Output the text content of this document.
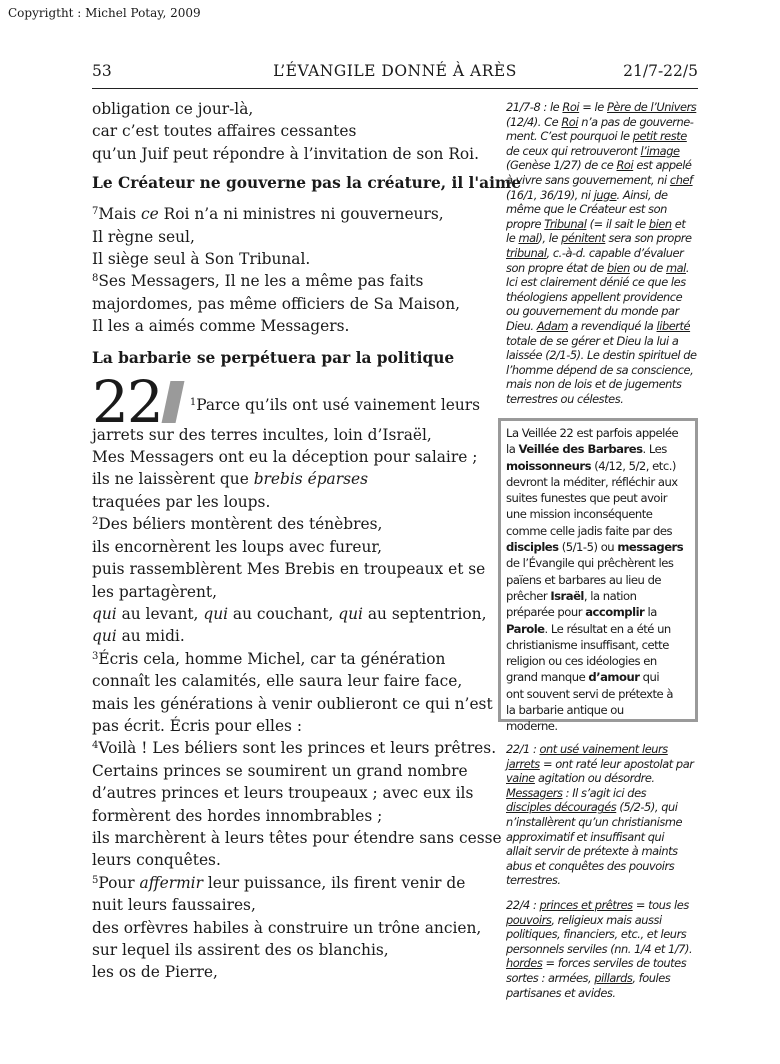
Copyrigtht : Michel Potay, 2009
53	L’ÉVANGILE DONNÉ À ARÈS	21/7-22/5
obligation ce jour-là,
car c’est toutes affaires cessantes
qu’un Juif peut répondre à l’invitation de son Roi.
Le Créateur ne gouverne pas la créature, il l'aime
$^7$Mais ce Roi n’a ni ministres ni gouverneurs,
Il règne seul,
Il siège seul à Son Tribunal.
$^8$Ses Messagers, Il ne les a même pas faits
majordomes, pas même officiers de Sa Maison,
Il les a aimés comme Messagers.
La barbarie se perpétuera par la politique
22	$^1$Parce qu’ils ont usé vainement leurs
jarrets sur des terres incultes, loin d’Israël,
Mes Messagers ont eu la déception pour salaire ;
ils ne laissèrent que brebis éparses
traquées par les loups.
$^2$Des béliers montèrent des ténèbres,
ils encornèrent les loups avec fureur,
puis rassemblèrent Mes Brebis en troupeaux et se
les partagèrent,
qui au levant, qui au couchant, qui au septentrion,
qui au midi.
$^3$Écris cela, homme Michel, car ta génération
connaît les calamités, elle saura leur faire face,
mais les générations à venir oublieront ce qui n’est
pas écrit. Écris pour elles :
$^4$Voilà ! Les béliers sont les princes et leurs prêtres.
Certains princes se soumirent un grand nombre
d’autres princes et leurs troupeaux ; avec eux ils
formèrent des hordes innombrables ;
ils marchèrent à leurs têtes pour étendre sans cesse
leurs conquêtes.
$^5$Pour affermir leur puissance, ils firent venir de
nuit leurs faussaires,
des orfèvres habiles à construire un trône ancien,
sur lequel ils assirent des os blanchis,
les os de Pierre,
21/7-8 : le Roi = le Père de l’Univers
(12/4). Ce Roi n’a pas de gouverne-
ment. C’est pourquoi le petit reste
de ceux qui retrouveront l’image
(Genèse 1/27) de ce Roi est appelé
à vivre sans gouvernement, ni chef
(16/1, 36/19), ni juge. Ainsi, de
même que le Créateur est son
propre Tribunal (= il sait le bien et
le mal), le pénitent sera son propre
tribunal, c.-à-d. capable d’évaluer
son propre état de bien ou de mal.
Ici est clairement dénié ce que les
théologiens appellent providence
ou gouvernement du monde par
Dieu. Adam a revendiqué la liberté
totale de se gérer et Dieu la lui a
laissée (2/1-5). Le destin spirituel de
l’homme dépend de sa conscience,
mais non de lois et de jugements
terrestres ou célestes.
La Veillée 22 est parfois appelée
la Veillée des Barbares. Les
moissonneurs (4/12, 5/2, etc.)
devront la méditer, réfléchir aux
suites funestes que peut avoir
une mission inconséquente
comme celle jadis faite par des
disciples (5/1-5) ou messagers
de l’Évangile qui prêchèrent les
païens et barbares au lieu de
prêcher Israël, la nation
préparée pour accomplir la
Parole. Le résultat en a été un
christianisme insuffisant, cette
religion ou ces idéologies en
grand manque d’amour qui
ont souvent servi de prétexte à
la barbarie antique ou
moderne.
22/1 : ont usé vainement leurs
jarrets = ont raté leur apostolat par
vaine agitation ou désordre.
Messagers : Il s’agit ici des
disciples découragés (5/2-5), qui
n’installèrent qu’un christianisme
approximatif et insuffisant qui
allait servir de prétexte à maints
abus et conquêtes des pouvoirs
terrestres.
22/4 : princes et prêtres = tous les
pouvoirs, religieux mais aussi
politiques, financiers, etc., et leurs
personnels serviles (nn. 1/4 et 1/7).
hordes = forces serviles de toutes
sortes : armées, pillards, foules
partisanes et avides.
